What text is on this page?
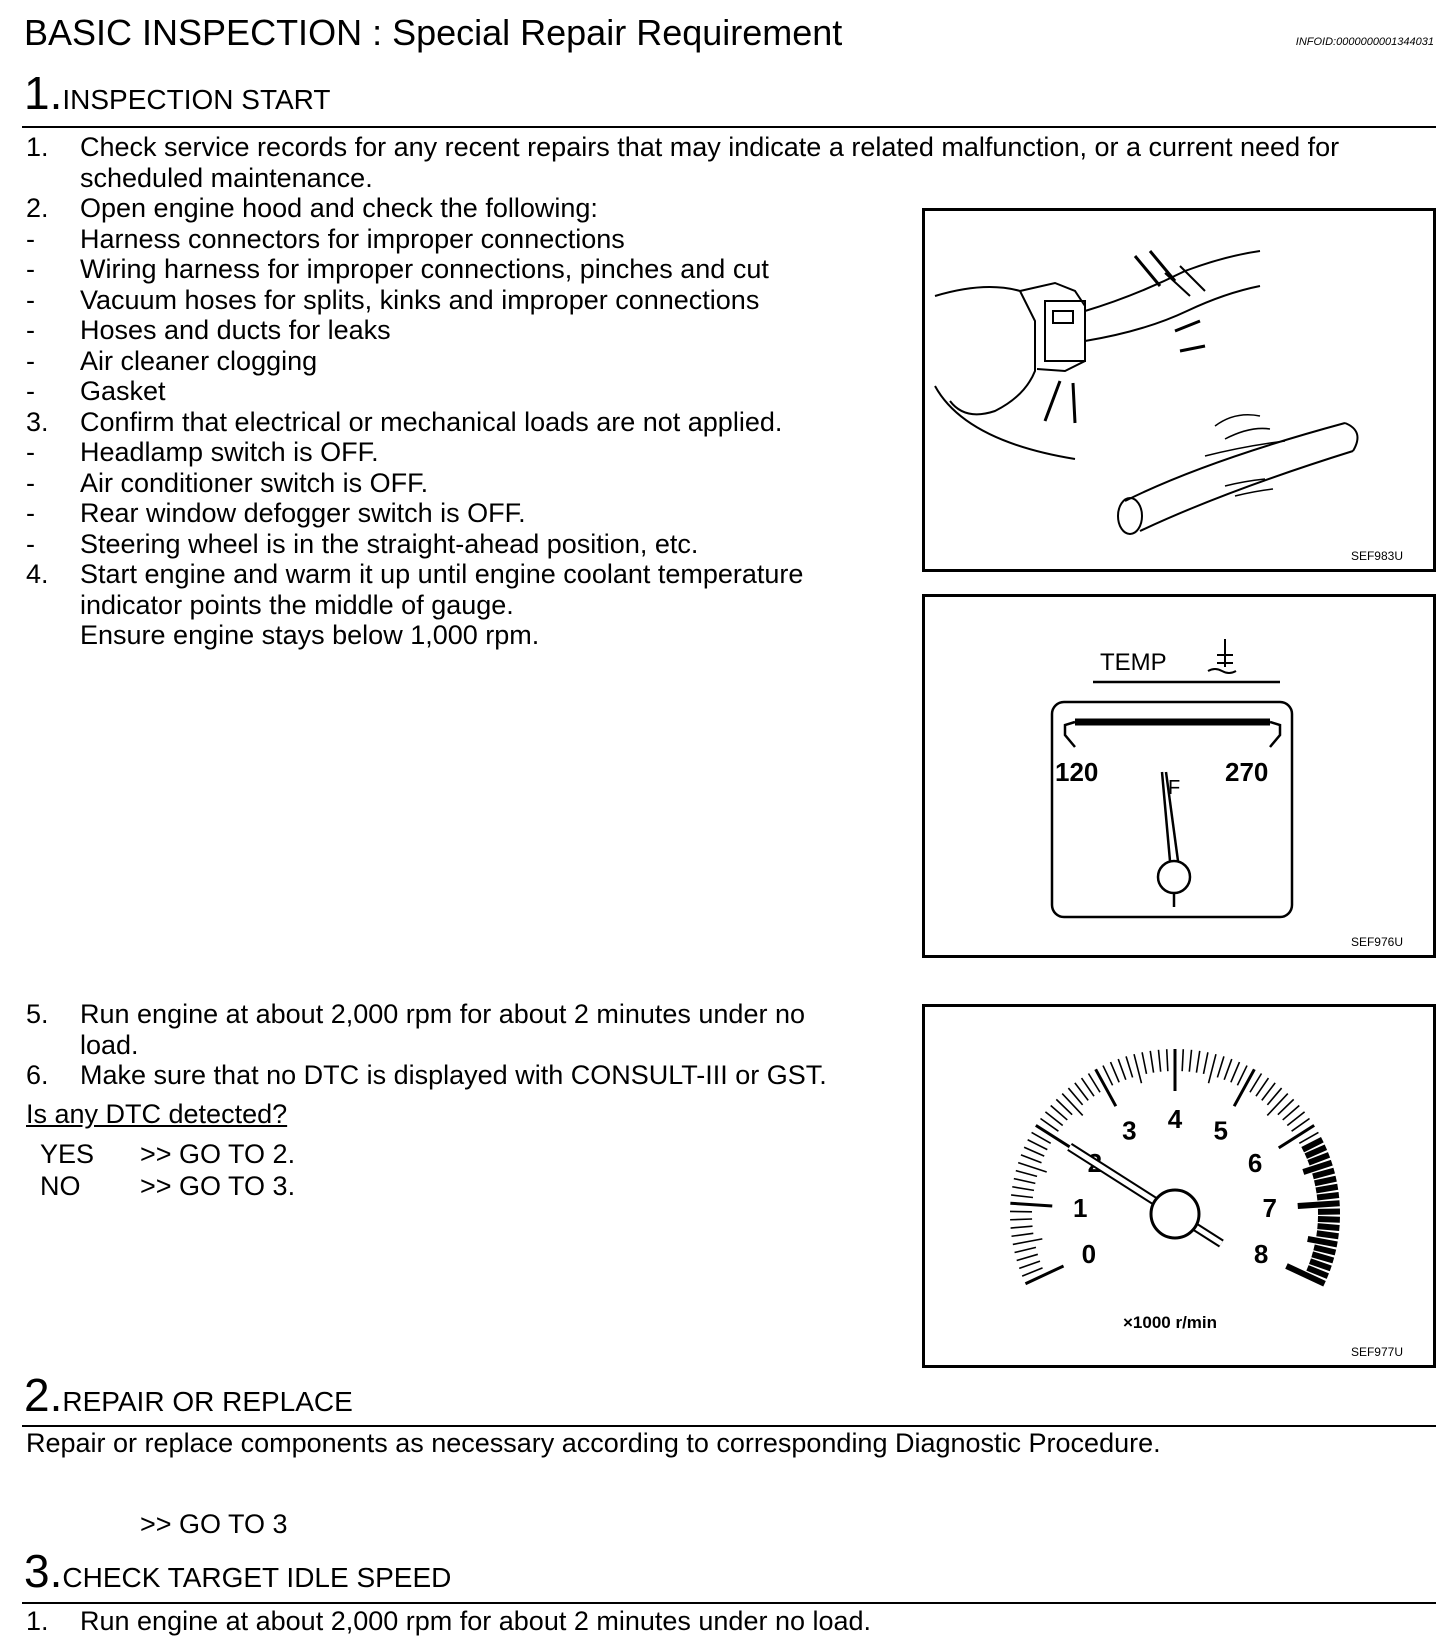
BASIC INSPECTION : Special Repair Requirement	INFOID:0000000001344031
1.INSPECTION START
1. Check service records for any recent repairs that may indicate a related malfunction, or a current need for
scheduled maintenance.
2. Open engine hood and check the following:
- Harness connectors for improper connections
- Wiring harness for improper connections, pinches and cut
- Vacuum hoses for splits, kinks and improper connections
- Hoses and ducts for leaks
- Air cleaner clogging
- Gasket
3. Confirm that electrical or mechanical loads are not applied.
- Headlamp switch is OFF.
- Air conditioner switch is OFF.
- Rear window defogger switch is OFF.
- Steering wheel is in the straight-ahead position, etc.
4. Start engine and warm it up until engine coolant temperature
indicator points the middle of gauge.
Ensure engine stays below 1,000 rpm.
5. Run engine at about 2,000 rpm for about 2 minutes under no
load.
6. Make sure that no DTC is displayed with CONSULT-III or GST.
Is any DTC detected?
YES >> GO TO 2.
NO >> GO TO 3.
SEF983U
TEMP
120	270
F
SEF976U
0
1
2
3 4 5
6
7
8
×1000 r/min
SEF977U
2.REPAIR OR REPLACE
Repair or replace components as necessary according to corresponding Diagnostic Procedure.
>> GO TO 3
3.CHECK TARGET IDLE SPEED
1. Run engine at about 2,000 rpm for about 2 minutes under no load.
